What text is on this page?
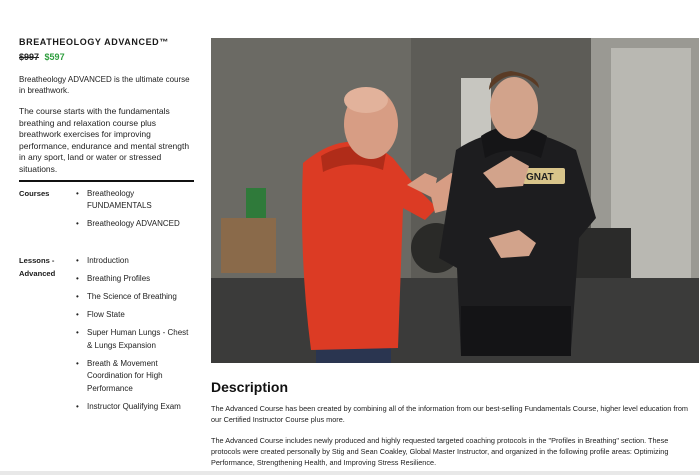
BREATHEOLOGY ADVANCED™
$997 $597
Breatheology ADVANCED is the ultimate course in breathwork.
The course starts with the fundamentals breathing and relaxation course plus breathwork exercises for improving performance, endurance and mental strength in any sport, land or water or stressed situations.
Courses
•	Breatheology FUNDAMENTALS
• Breatheology ADVANCED
Lessons - Advanced
• Introduction
• Breathing Profiles
• The Science of Breathing
• Flow State
• Super Human Lungs - Chest & Lungs Expansion
• Breath & Movement Coordination for High Performance
• Instructor Qualifying Exam
GNAT
Description
The Advanced Course has been created by combining all of the information from our best-selling Fundamentals Course, higher level education from our Certified Instructor Course plus more.
The Advanced Course includes newly produced and highly requested targeted coaching protocols in the "Profiles in Breathing" section. These protocols were created personally by Stig and Sean Coakley, Global Master Instructor, and organized in the following profile areas: Optimizing Performance, Strengthening Health, and Improving Stress Resilience.
